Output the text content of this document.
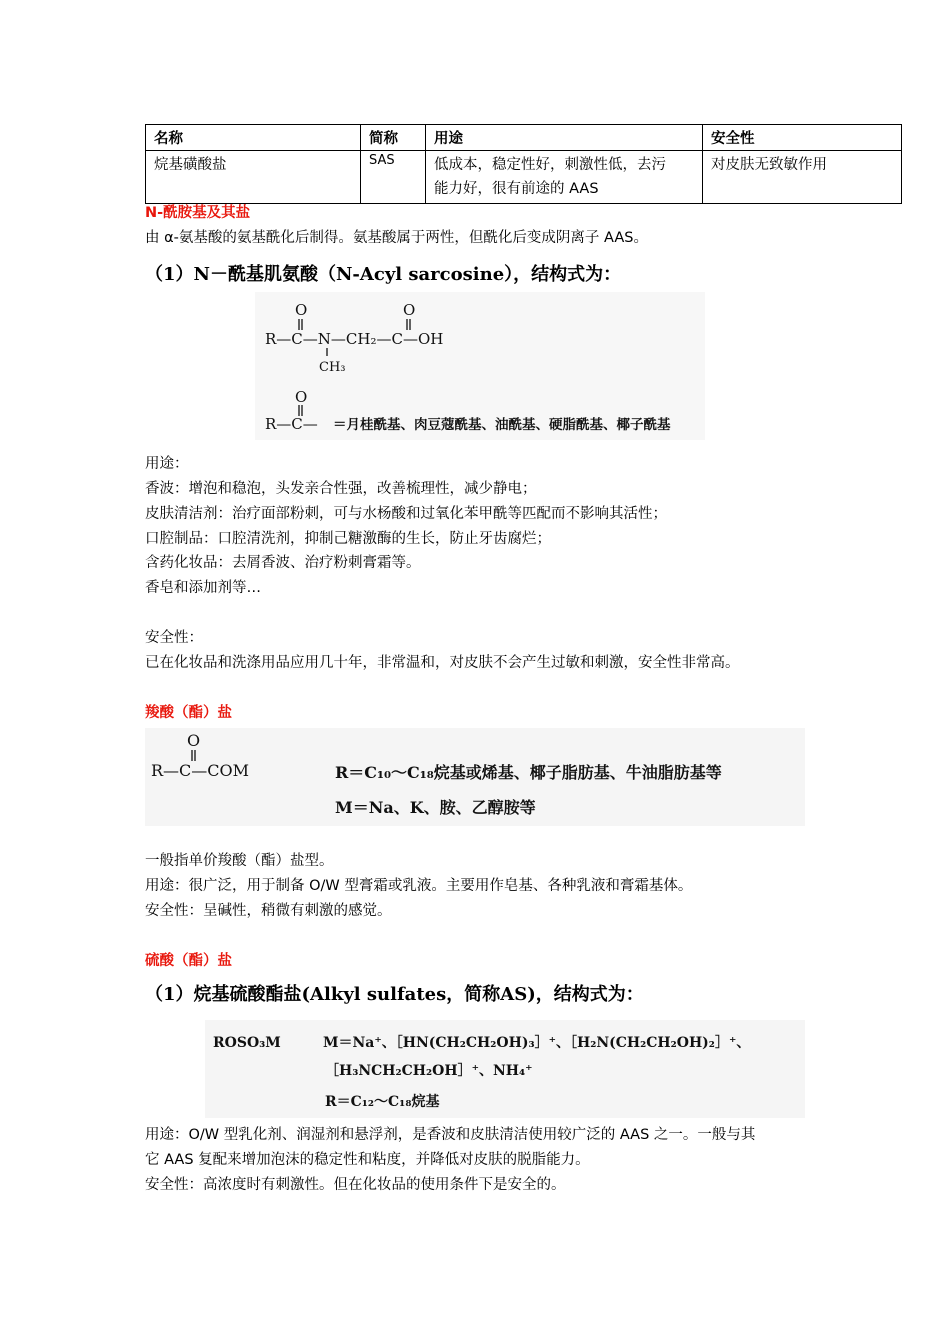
名称	简称	用途	安全性
烷基磺酸盐	SAS	低成本，稳定性好，刺激性低，去污
能力好，很有前途的 AAS	对皮肤无致敏作用
N-酰胺基及其盐
由 α-氨基酸的氨基酰化后制得。氨基酸属于两性，但酰化后变成阴离子 AAS。
（1）N－酰基肌氨酸（N-Acyl sarcosine），结构式为：
O	O
R—C—N—CH₂—C—OH
CH₃
O
R—C— ＝月桂酰基、肉豆蔻酰基、油酰基、硬脂酰基、椰子酰基
用途：
香波：增泡和稳泡，头发亲合性强，改善梳理性，减少静电；
皮肤清洁剂：治疗面部粉刺，可与水杨酸和过氧化苯甲酰等匹配而不影响其活性；
口腔制品：口腔清洗剂，抑制己糖激酶的生长，防止牙齿腐烂；
含药化妆品：去屑香波、治疗粉刺膏霜等。
香皂和添加剂等…
安全性：
已在化妆品和洗涤用品应用几十年，非常温和，对皮肤不会产生过敏和刺激，安全性非常高。
羧酸（酯）盐
O
R—C—COM	R＝C₁₀～C₁₈烷基或烯基、椰子脂肪基、牛油脂肪基等
M＝Na、K、胺、乙醇胺等
一般指单价羧酸（酯）盐型。
用途：很广泛，用于制备 O/W 型膏霜或乳液。主要用作皂基、各种乳液和膏霜基体。
安全性：呈碱性，稍微有刺激的感觉。
硫酸（酯）盐
（1）烷基硫酸酯盐(Alkyl sulfates，简称AS)，结构式为：
ROSO₃M	M＝Na⁺、［HN(CH₂CH₂OH)₃］⁺、［H₂N(CH₂CH₂OH)₂］⁺、
［H₃NCH₂CH₂OH］⁺、NH₄⁺
R＝C₁₂～C₁₈烷基
用途：O/W 型乳化剂、润湿剂和悬浮剂，是香波和皮肤清洁使用较广泛的 AAS 之一。一般与其
它 AAS 复配来增加泡沫的稳定性和粘度，并降低对皮肤的脱脂能力。
安全性：高浓度时有刺激性。但在化妆品的使用条件下是安全的。
